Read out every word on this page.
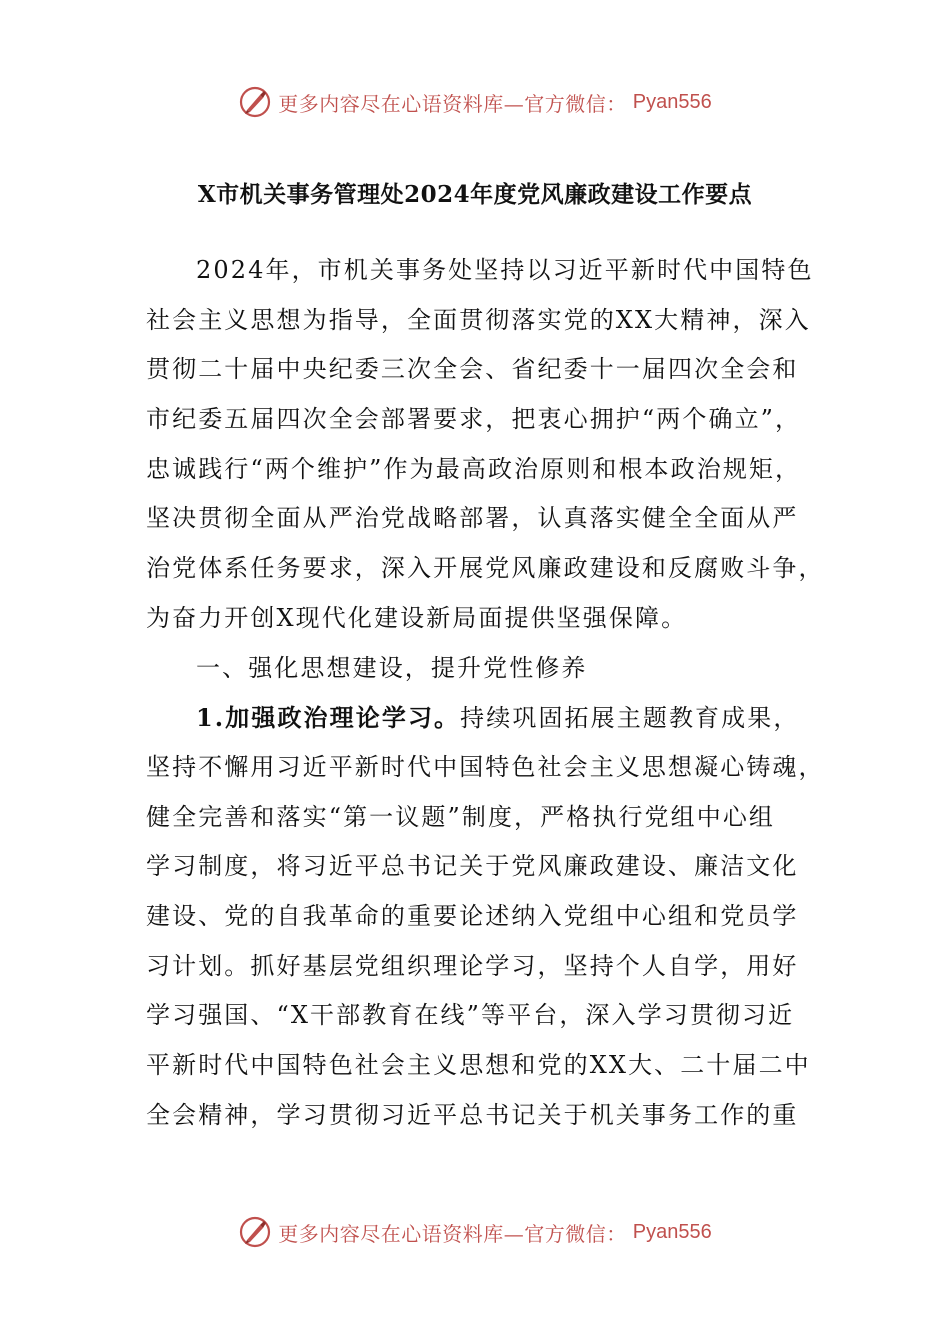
更多内容尽在心语资料库—官方微信： Pyan556
X市机关事务管理处2024年度党风廉政建设工作要点
2024年，市机关事务处坚持以习近平新时代中国特色
社会主义思想为指导，全面贯彻落实党的XX大精神，深入
贯彻二十届中央纪委三次全会、省纪委十一届四次全会和
市纪委五届四次全会部署要求，把衷心拥护“两个确立”，
忠诚践行“两个维护”作为最高政治原则和根本政治规矩，
坚决贯彻全面从严治党战略部署，认真落实健全全面从严
治党体系任务要求，深入开展党风廉政建设和反腐败斗争，
为奋力开创X现代化建设新局面提供坚强保障。
一、强化思想建设，提升党性修养
1.加强政治理论学习。持续巩固拓展主题教育成果，
坚持不懈用习近平新时代中国特色社会主义思想凝心铸魂，
健全完善和落实“第一议题”制度，严格执行党组中心组
学习制度，将习近平总书记关于党风廉政建设、廉洁文化
建设、党的自我革命的重要论述纳入党组中心组和党员学
习计划。抓好基层党组织理论学习，坚持个人自学，用好
学习强国、“X干部教育在线”等平台，深入学习贯彻习近
平新时代中国特色社会主义思想和党的XX大、二十届二中
全会精神，学习贯彻习近平总书记关于机关事务工作的重
更多内容尽在心语资料库—官方微信： Pyan556
